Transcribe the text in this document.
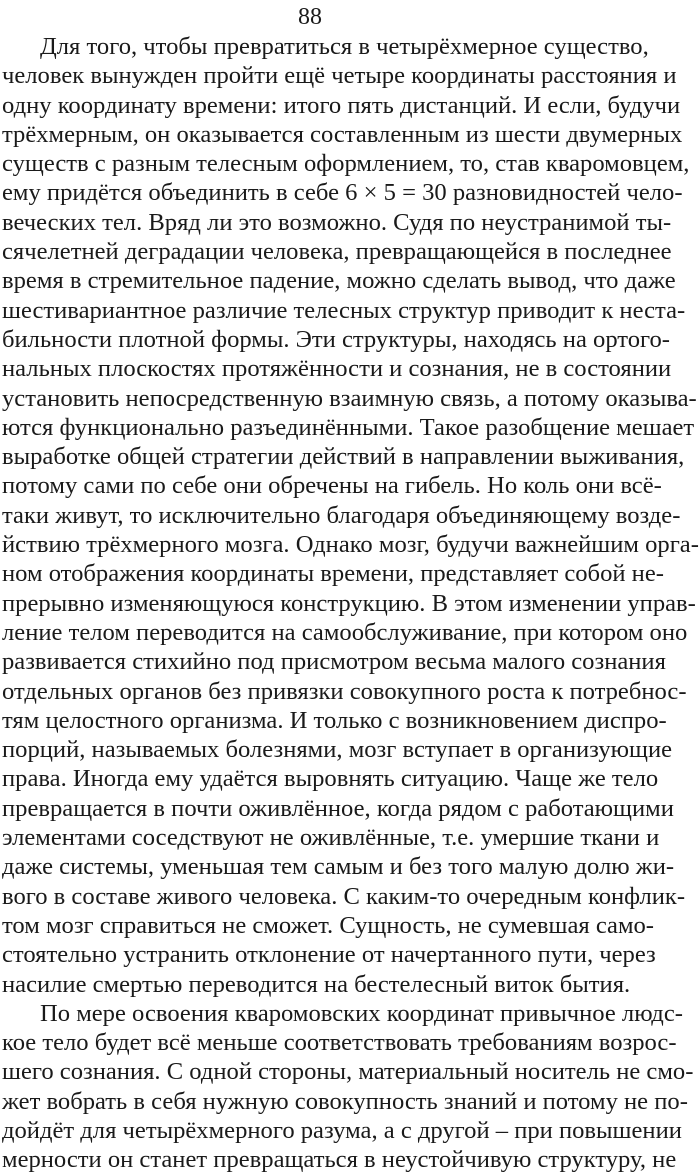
88
Для того, чтобы превратиться в четырёхмерное существо,
человек вынужден пройти ещё четыре координаты расстояния и
одну координату времени: итого пять дистанций. И если, будучи
трёхмерным, он оказывается составленным из шести двумерных
существ с разным телесным оформлением, то, став кваромовцем,
ему придётся объединить в себе 6 × 5 = 30 разновидностей чело-
веческих тел. Вряд ли это возможно. Судя по неустранимой ты-
сячелетней деградации человека, превращающейся в последнее
время в стремительное падение, можно сделать вывод, что даже
шестивариантное различие телесных структур приводит к неста-
бильности плотной формы. Эти структуры, находясь на ортого-
нальных плоскостях протяжённости и сознания, не в состоянии
установить непосредственную взаимную связь, а потому оказыва-
ются функционально разъединёнными. Такое разобщение мешает
выработке общей стратегии действий в направлении выживания,
потому сами по себе они обречены на гибель. Но коль они всё-
таки живут, то исключительно благодаря объединяющему возде-
йствию трёхмерного мозга. Однако мозг, будучи важнейшим орга-
ном отображения координаты времени, представляет собой не-
прерывно изменяющуюся конструкцию. В этом изменении управ-
ление телом переводится на самообслуживание, при котором оно
развивается стихийно под присмотром весьма малого сознания
отдельных органов без привязки совокупного роста к потребнос-
тям целостного организма. И только с возникновением диспро-
порций, называемых болезнями, мозг вступает в организующие
права. Иногда ему удаётся выровнять ситуацию. Чаще же тело
превращается в почти оживлённое, когда рядом с работающими
элементами соседствуют не оживлённые, т.е. умершие ткани и
даже системы, уменьшая тем самым и без того малую долю жи-
вого в составе живого человека. С каким-то очередным конфлик-
том мозг справиться не сможет. Сущность, не сумевшая само-
стоятельно устранить отклонение от начертанного пути, через
насилие смертью переводится на бестелесный виток бытия.
По мере освоения кваромовских координат привычное людс-
кое тело будет всё меньше соответствовать требованиям возрос-
шего сознания. С одной стороны, материальный носитель не смо-
жет вобрать в себя нужную совокупность знаний и потому не по-
дойдёт для четырёхмерного разума, а с другой – при повышении
мерности он станет превращаться в неустойчивую структуру, не
